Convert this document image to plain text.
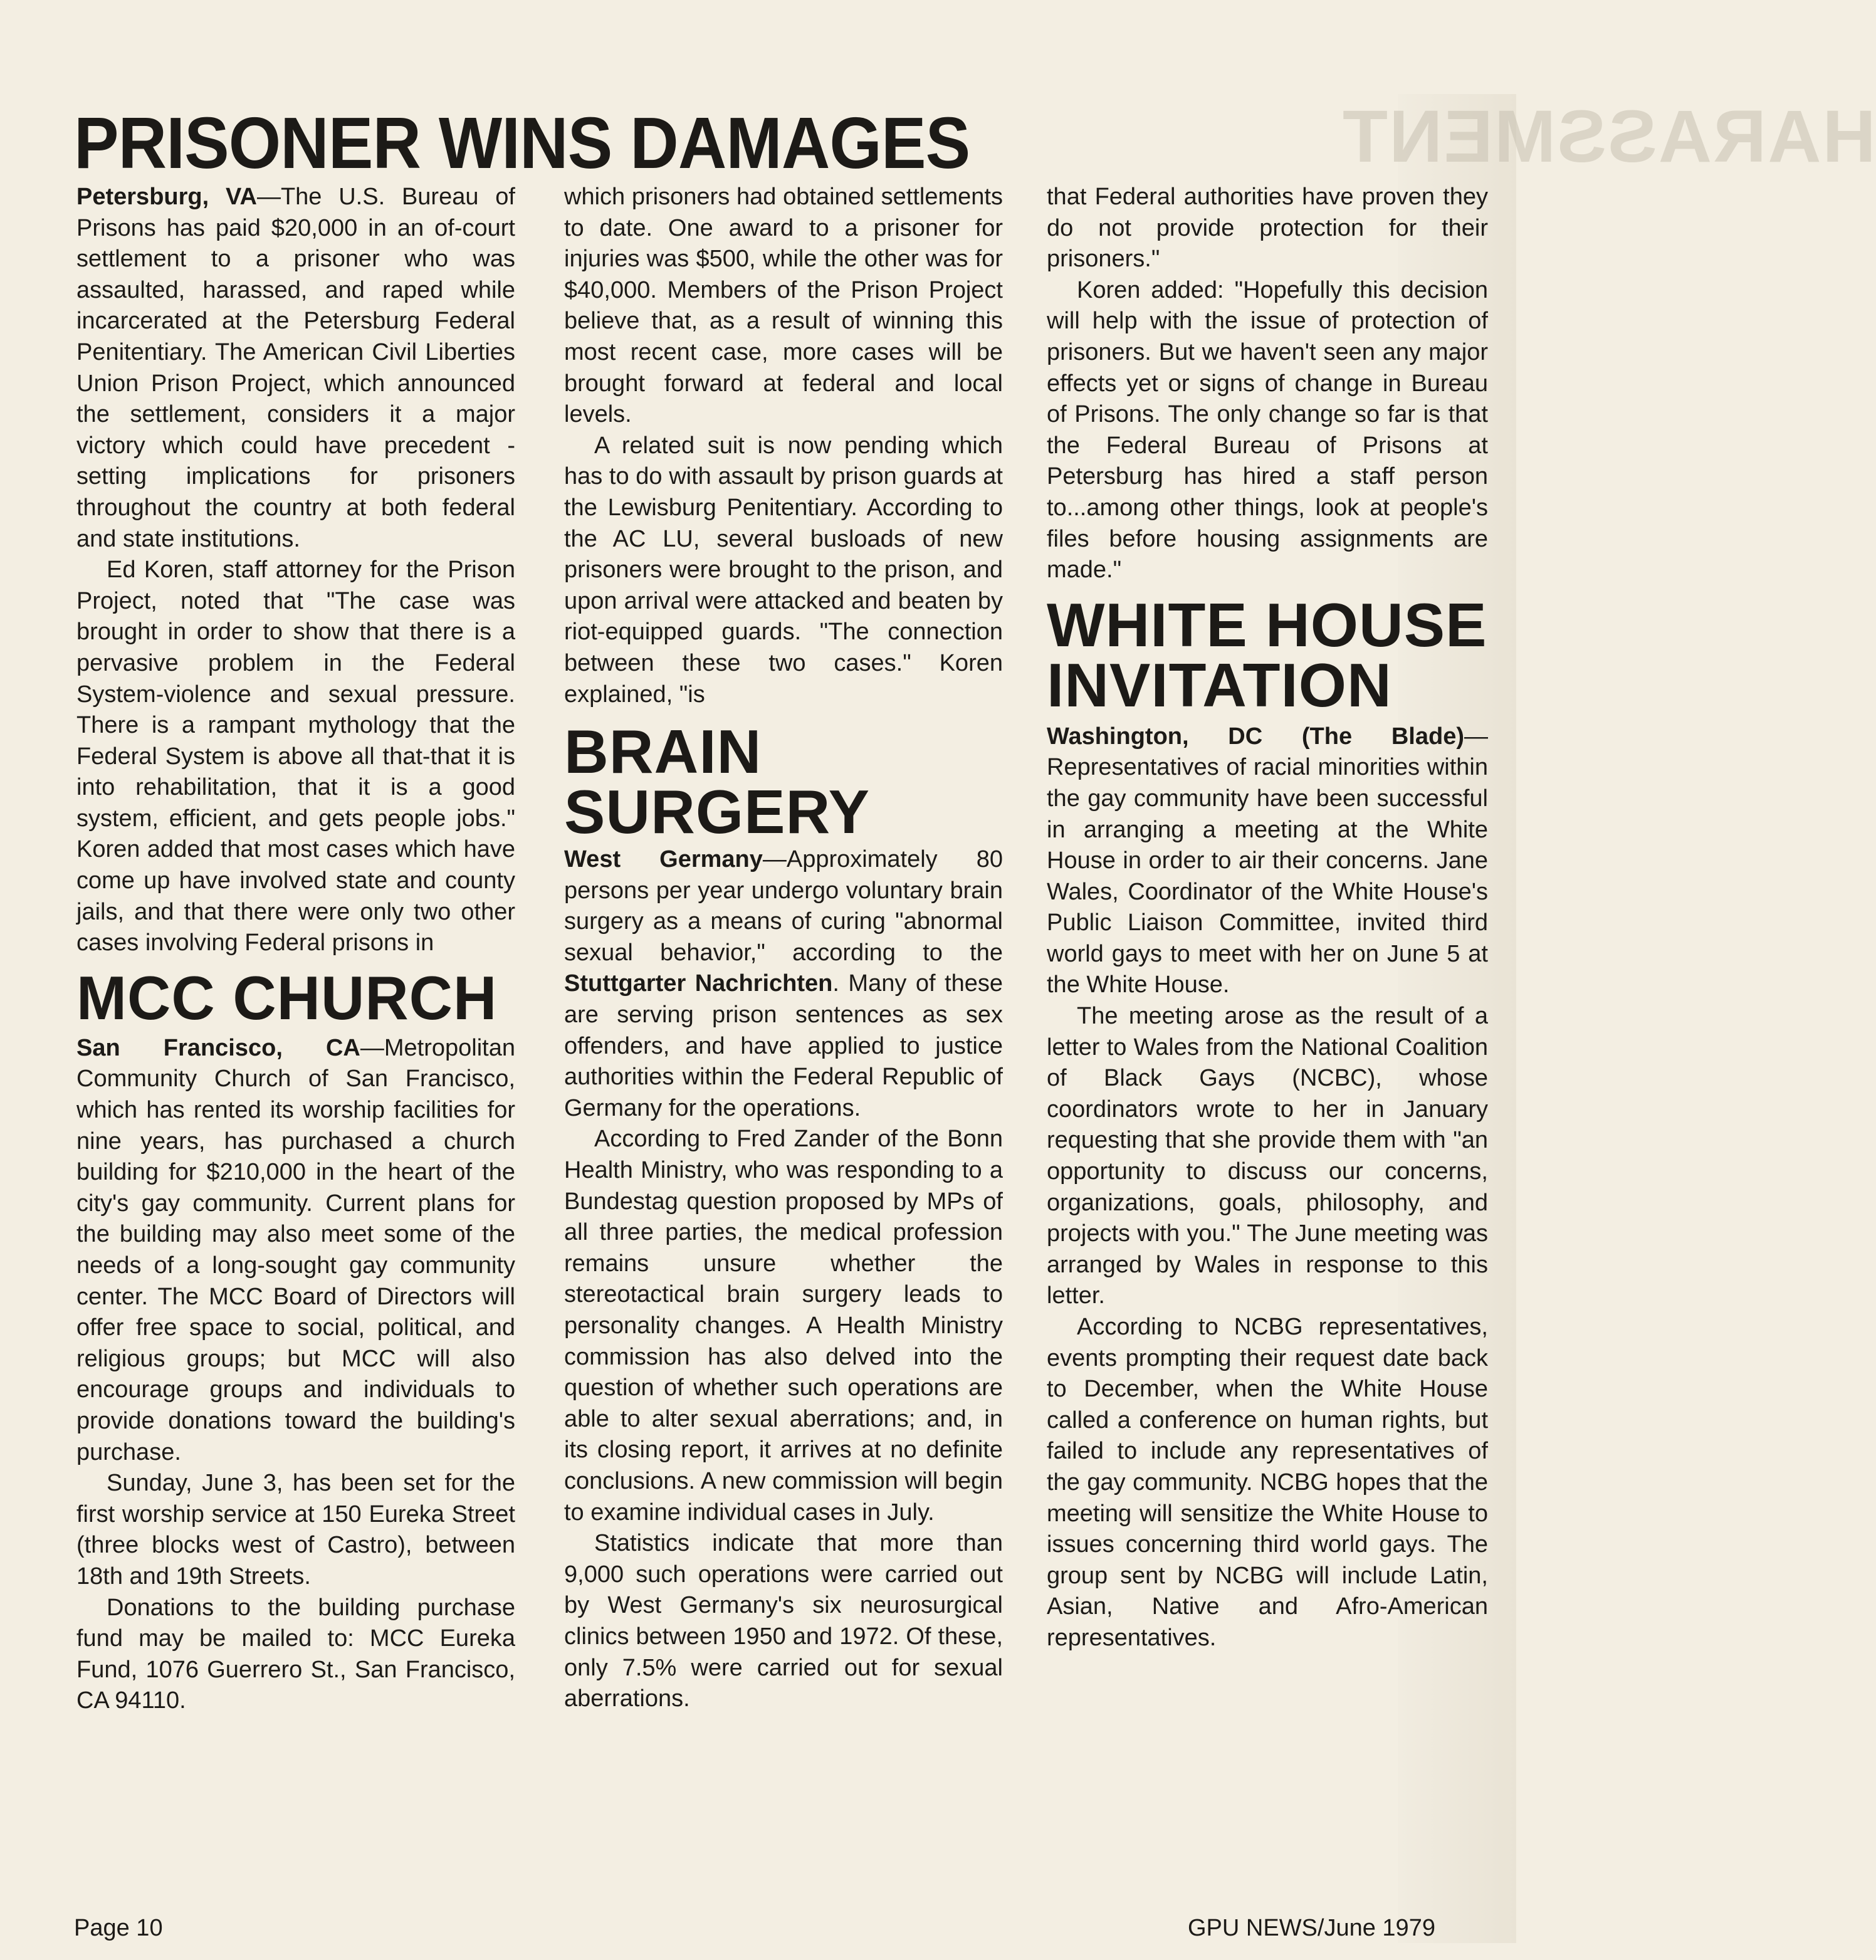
HARASSMENT
PRISONER WINS DAMAGES

Petersburg, VA—The U.S. Bureau of Prisons has paid $20,000 in an of-court settlement to a prisoner who was assaulted, harassed, and raped while incarcerated at the Petersburg Federal Penitentiary. The American Civil Liberties Union Prison Project, which announced the settlement, considers it a major victory which could have precedent -setting implications for prisoners throughout the country at both federal and state institutions.

Ed Koren, staff attorney for the Prison Project, noted that "The case was brought in order to show that there is a pervasive problem in the Federal System-violence and sexual pressure. There is a rampant mythology that the Federal System is above all that-that it is into rehabilitation, that it is a good system, efficient, and gets people jobs." Koren added that most cases which have come up have involved state and county jails, and that there were only two other cases involving Federal prisons in

MCC CHURCH

San Francisco, CA—Metropolitan Community Church of San Francisco, which has rented its worship facilities for nine years, has purchased a church building for $210,000 in the heart of the city's gay community. Current plans for the building may also meet some of the needs of a long-sought gay community center. The MCC Board of Directors will offer free space to social, political, and religious groups; but MCC will also encourage groups and individuals to provide donations toward the building's purchase.

Sunday, June 3, has been set for the first worship service at 150 Eureka Street (three blocks west of Castro), between 18th and 19th Streets.

Donations to the building purchase fund may be mailed to: MCC Eureka Fund, 1076 Guerrero St., San Francisco, CA 94110.

which prisoners had obtained settlements to date. One award to a prisoner for injuries was $500, while the other was for $40,000. Members of the Prison Project believe that, as a result of winning this most recent case, more cases will be brought forward at federal and local levels.

A related suit is now pending which has to do with assault by prison guards at the Lewisburg Penitentiary. According to the AC LU, several busloads of new prisoners were brought to the prison, and upon arrival were attacked and beaten by riot-equipped guards. "The connection between these two cases." Koren explained, "is

BRAIN SURGERY

West Germany—Approximately 80 persons per year undergo voluntary brain surgery as a means of curing "abnormal sexual behavior," according to the Stuttgarter Nachrichten. Many of these are serving prison sentences as sex offenders, and have applied to justice authorities within the Federal Republic of Germany for the operations.

According to Fred Zander of the Bonn Health Ministry, who was responding to a Bundestag question proposed by MPs of all three parties, the medical profession remains unsure whether the stereotactical brain surgery leads to personality changes. A Health Ministry commission has also delved into the question of whether such operations are able to alter sexual aberrations; and, in its closing report, it arrives at no definite conclusions. A new commission will begin to examine individual cases in July.

Statistics indicate that more than 9,000 such operations were carried out by West Germany's six neurosurgical clinics between 1950 and 1972. Of these, only 7.5% were carried out for sexual aberrations.

that Federal authorities have proven they do not provide protection for their prisoners."

Koren added: "Hopefully this decision will help with the issue of protection of prisoners. But we haven't seen any major effects yet or signs of change in Bureau of Prisons. The only change so far is that the Federal Bureau of Prisons at Petersburg has hired a staff person to...among other things, look at people's files before housing assignments are made."

WHITE HOUSE INVITATION

Washington, DC (The Blade)—Representatives of racial minorities within the gay community have been successful in arranging a meeting at the White House in order to air their concerns. Jane Wales, Coordinator of the White House's Public Liaison Committee, invited third world gays to meet with her on June 5 at the White House.

The meeting arose as the result of a letter to Wales from the National Coalition of Black Gays (NCBC), whose coordinators wrote to her in January requesting that she provide them with "an opportunity to discuss our concerns, organizations, goals, philosophy, and projects with you." The June meeting was arranged by Wales in response to this letter.

According to NCBG representatives, events prompting their request date back to December, when the White House called a conference on human rights, but failed to include any representatives of the gay community. NCBG hopes that the meeting will sensitize the White House to issues concerning third world gays. The group sent by NCBG will include Latin, Asian, Native and Afro-American representatives.

Page 10	GPU NEWS/June 1979
